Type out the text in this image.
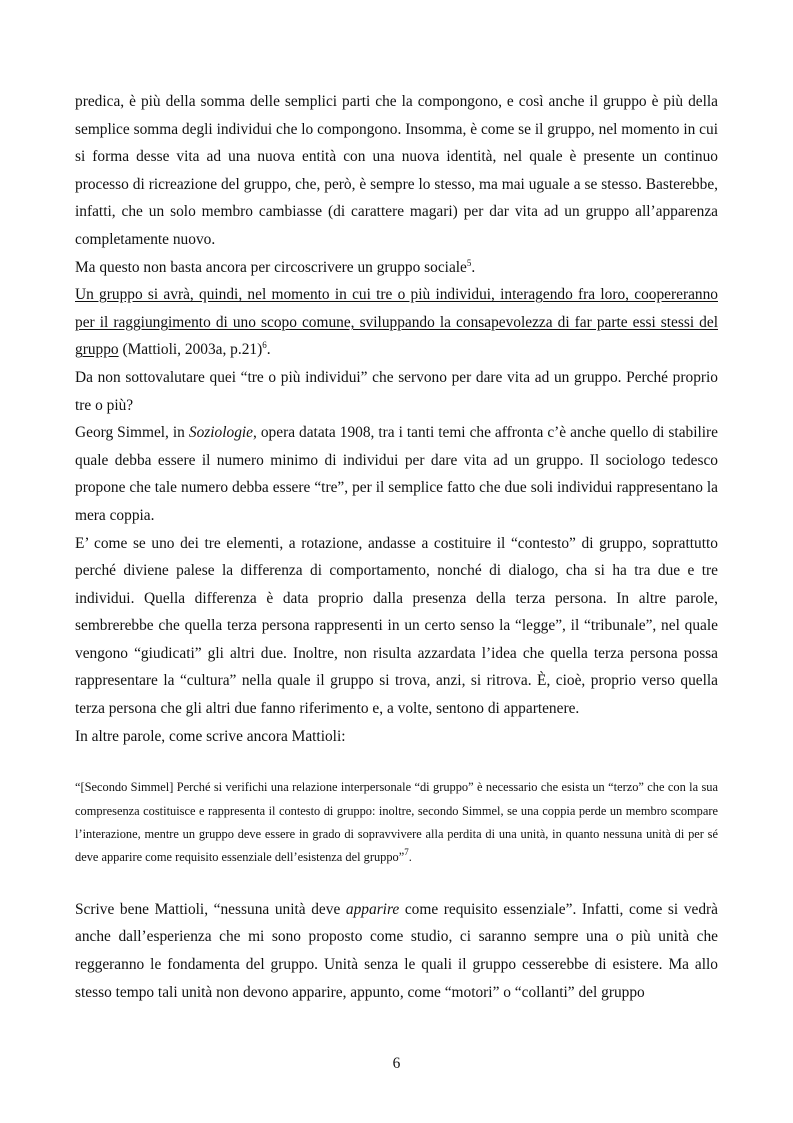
predica, è più della somma delle semplici parti che la compongono, e così anche il gruppo è più della semplice somma degli individui che lo compongono. Insomma, è come se il gruppo, nel momento in cui si forma desse vita ad una nuova entità con una nuova identità, nel quale è presente un continuo processo di ricreazione del gruppo, che, però, è sempre lo stesso, ma mai uguale a se stesso. Basterebbe, infatti, che un solo membro cambiasse (di carattere magari) per dar vita ad un gruppo all’apparenza completamente nuovo.
Ma questo non basta ancora per circoscrivere un gruppo sociale$^5$.

Un gruppo si avrà, quindi, nel momento in cui tre o più individui, interagendo fra loro, coopereranno per il raggiungimento di uno scopo comune, sviluppando la consapevolezza di far parte essi stessi del gruppo (Mattioli, 2003a, p.21)$^6$.
Da non sottovalutare quei “tre o più individui” che servono per dare vita ad un gruppo. Perché proprio tre o più?
Georg Simmel, in Soziologie, opera datata 1908, tra i tanti temi che affronta c’è anche quello di stabilire quale debba essere il numero minimo di individui per dare vita ad un gruppo. Il sociologo tedesco propone che tale numero debba essere “tre”, per il semplice fatto che due soli individui rappresentano la mera coppia.
E’ come se uno dei tre elementi, a rotazione, andasse a costituire il “contesto” di gruppo, soprattutto perché diviene palese la differenza di comportamento, nonché di dialogo, cha si ha tra due e tre individui. Quella differenza è data proprio dalla presenza della terza persona. In altre parole, sembrerebbe che quella terza persona rappresenti in un certo senso la “legge”, il “tribunale”, nel quale vengono “giudicati” gli altri due. Inoltre, non risulta azzardata l’idea che quella terza persona possa rappresentare la “cultura” nella quale il gruppo si trova, anzi, si ritrova. È, cioè, proprio verso quella terza persona che gli altri due fanno riferimento e, a volte, sentono di appartenere.
In altre parole, come scrive ancora Mattioli:

“[Secondo Simmel] Perché si verifichi una relazione interpersonale “di gruppo” è necessario che esista un “terzo” che con la sua compresenza costituisce e rappresenta il contesto di gruppo: inoltre, secondo Simmel, se una coppia perde un membro scompare l’interazione, mentre un gruppo deve essere in grado di sopravvivere alla perdita di una unità, in quanto nessuna unità di per sé deve apparire come requisito essenziale dell’esistenza del gruppo”$^7$.

Scrive bene Mattioli, “nessuna unità deve apparire come requisito essenziale”. Infatti, come si vedrà anche dall’esperienza che mi sono proposto come studio, ci saranno sempre una o più unità che reggeranno le fondamenta del gruppo. Unità senza le quali il gruppo cesserebbe di esistere. Ma allo stesso tempo tali unità non devono apparire, appunto, come “motori” o “collanti” del gruppo

6
